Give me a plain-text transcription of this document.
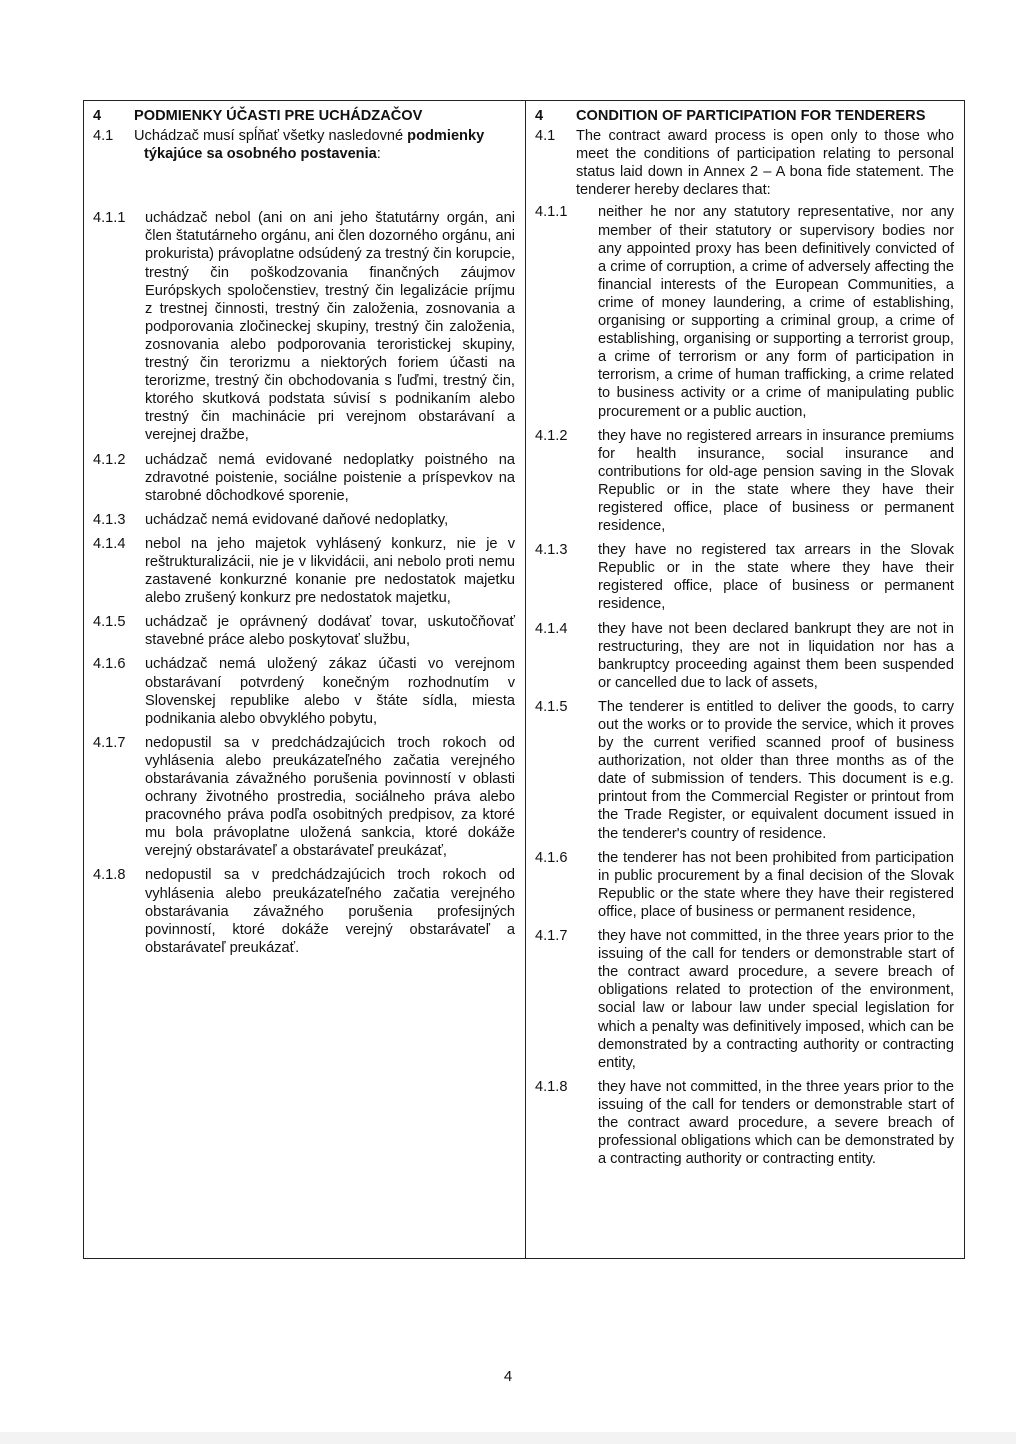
4	PODMIENKY ÚČASTI PRE UCHÁDZAČOV
4.1	Uchádzač musí spĺňať všetky nasledovné podmienky týkajúce sa osobného postavenia:
4.1.1	uchádzač nebol (ani on ani jeho štatutárny orgán, ani člen štatutárneho orgánu, ani člen dozorného orgánu, ani prokurista) právoplatne odsúdený za trestný čin korupcie, trestný čin poškodzovania finančných záujmov Európskych spoločenstiev, trestný čin legalizácie príjmu z trestnej činnosti, trestný čin založenia, zosnovania a podporovania zločineckej skupiny, trestný čin založenia, zosnovania alebo podporovania teroristickej skupiny, trestný čin terorizmu a niektorých foriem účasti na terorizme, trestný čin obchodovania s ľuďmi, trestný čin, ktorého skutková podstata súvisí s podnikaním alebo trestný čin machinácie pri verejnom obstarávaní a verejnej dražbe,
4.1.2	uchádzač nemá evidované nedoplatky poistného na zdravotné poistenie, sociálne poistenie a príspevkov na starobné dôchodkové sporenie,
4.1.3	uchádzač nemá evidované daňové nedoplatky,
4.1.4	nebol na jeho majetok vyhlásený konkurz, nie je v reštrukturalizácii, nie je v likvidácii, ani nebolo proti nemu zastavené konkurzné konanie pre nedostatok majetku alebo zrušený konkurz pre nedostatok majetku,
4.1.5	uchádzač je oprávnený dodávať tovar, uskutočňovať stavebné práce alebo poskytovať službu,
4.1.6	uchádzač nemá uložený zákaz účasti vo verejnom obstarávaní potvrdený konečným rozhodnutím v Slovenskej republike alebo v štáte sídla, miesta podnikania alebo obvyklého pobytu,
4.1.7	nedopustil sa v predchádzajúcich troch rokoch od vyhlásenia alebo preukázateľného začatia verejného obstarávania závažného porušenia povinností v oblasti ochrany životného prostredia, sociálneho práva alebo pracovného práva podľa osobitných predpisov, za ktoré mu bola právoplatne uložená sankcia, ktoré dokáže verejný obstarávateľ a obstarávateľ preukázať,
4.1.8	nedopustil sa v predchádzajúcich troch rokoch od vyhlásenia alebo preukázateľného začatia verejného obstarávania závažného porušenia profesijných povinností, ktoré dokáže verejný obstarávateľ a obstarávateľ preukázať.
4	CONDITION OF PARTICIPATION FOR TENDERERS
4.1	The contract award process is open only to those who meet the conditions of participation relating to personal status laid down in Annex 2 – A bona fide statement. The tenderer hereby declares that:
4.1.1	neither he nor any statutory representative, nor any member of their statutory or supervisory bodies nor any appointed proxy has been definitively convicted of a crime of corruption, a crime of adversely affecting the financial interests of the European Communities, a crime of money laundering, a crime of establishing, organising or supporting a criminal group, a crime of establishing, organising or supporting a terrorist group, a crime of terrorism or any form of participation in terrorism, a crime of human trafficking, a crime related to business activity or a crime of manipulating public procurement or a public auction,
4.1.2	they have no registered arrears in insurance premiums for health insurance, social insurance and contributions for old-age pension saving in the Slovak Republic or in the state where they have their registered office, place of business or permanent residence,
4.1.3	they have no registered tax arrears in the Slovak Republic or in the state where they have their registered office, place of business or permanent residence,
4.1.4	they have not been declared bankrupt they are not in restructuring, they are not in liquidation nor has a bankruptcy proceeding against them been suspended or cancelled due to lack of assets,
4.1.5	The tenderer is entitled to deliver the goods, to carry out the works or to provide the service, which it proves by the current verified scanned proof of business authorization, not older than three months as of the date of submission of tenders. This document is e.g. printout from the Commercial Register or printout from the Trade Register, or equivalent document issued in the tenderer's country of residence.
4.1.6	the tenderer has not been prohibited from participation in public procurement by a final decision of the Slovak Republic or the state where they have their registered office, place of business or permanent residence,
4.1.7	they have not committed, in the three years prior to the issuing of the call for tenders or demonstrable start of the contract award procedure, a severe breach of obligations related to protection of the environment, social law or labour law under special legislation for which a penalty was definitively imposed, which can be demonstrated by a contracting authority or contracting entity,
4.1.8	they have not committed, in the three years prior to the issuing of the call for tenders or demonstrable start of the contract award procedure, a severe breach of professional obligations which can be demonstrated by a contracting authority or contracting entity.
4
